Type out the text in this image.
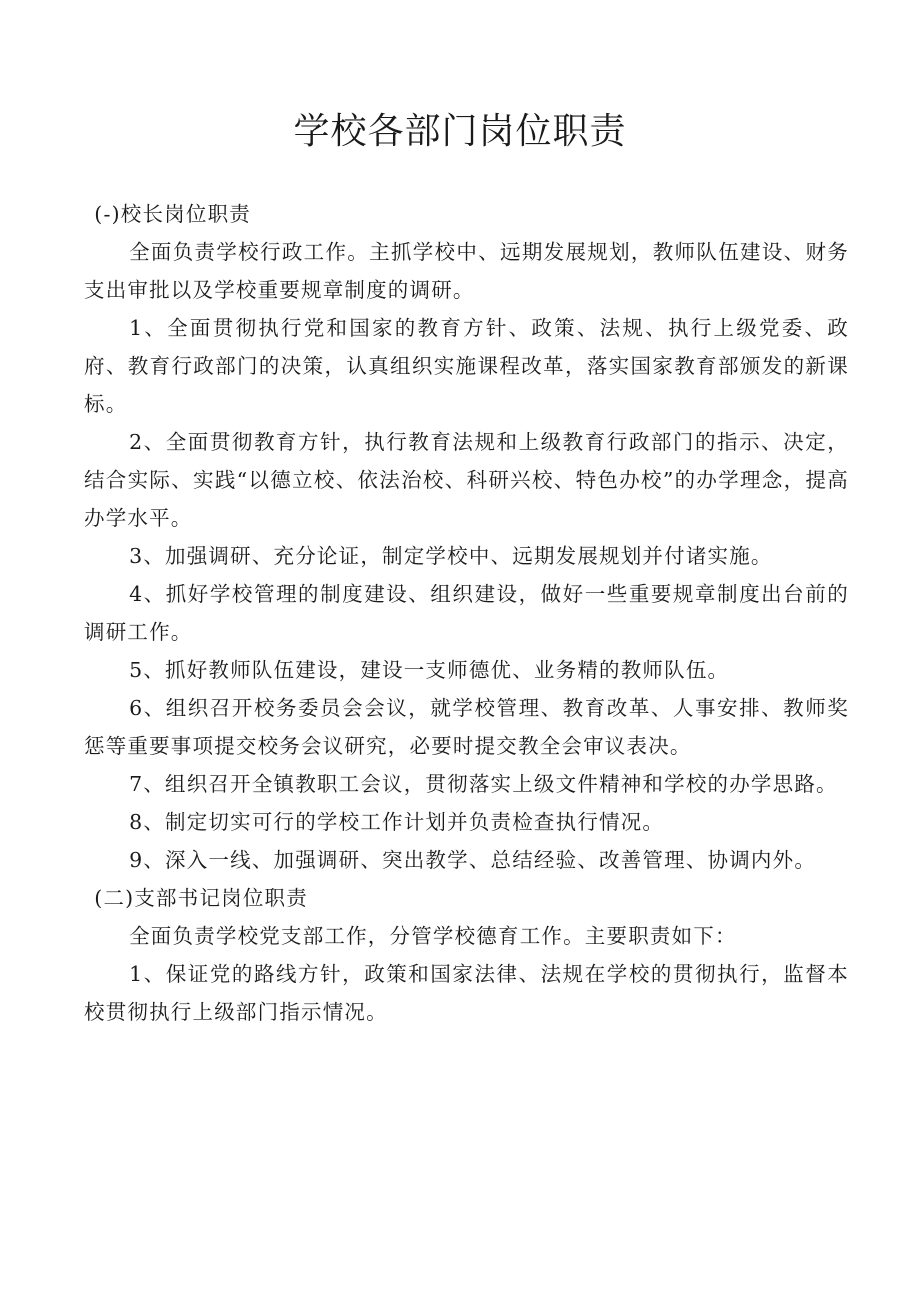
学校各部门岗位职责

(-)校长岗位职责

全面负责学校行政工作。主抓学校中、远期发展规划，教师队伍建设、财务支出审批以及学校重要规章制度的调研。

1、全面贯彻执行党和国家的教育方针、政策、法规、执行上级党委、政府、教育行政部门的决策，认真组织实施课程改革，落实国家教育部颁发的新课标。

2、全面贯彻教育方针，执行教育法规和上级教育行政部门的指示、决定，结合实际、实践“以德立校、依法治校、科研兴校、特色办校”的办学理念，提高办学水平。

3、加强调研、充分论证，制定学校中、远期发展规划并付诸实施。

4、抓好学校管理的制度建设、组织建设，做好一些重要规章制度出台前的调研工作。

5、抓好教师队伍建设，建设一支师德优、业务精的教师队伍。

6、组织召开校务委员会会议，就学校管理、教育改革、人事安排、教师奖惩等重要事项提交校务会议研究，必要时提交教全会审议表决。

7、组织召开全镇教职工会议，贯彻落实上级文件精神和学校的办学思路。

8、制定切实可行的学校工作计划并负责检查执行情况。

9、深入一线、加强调研、突出教学、总结经验、改善管理、协调内外。

(二)支部书记岗位职责

全面负责学校党支部工作，分管学校德育工作。主要职责如下：

1、保证党的路线方针，政策和国家法律、法规在学校的贯彻执行，监督本校贯彻执行上级部门指示情况。
